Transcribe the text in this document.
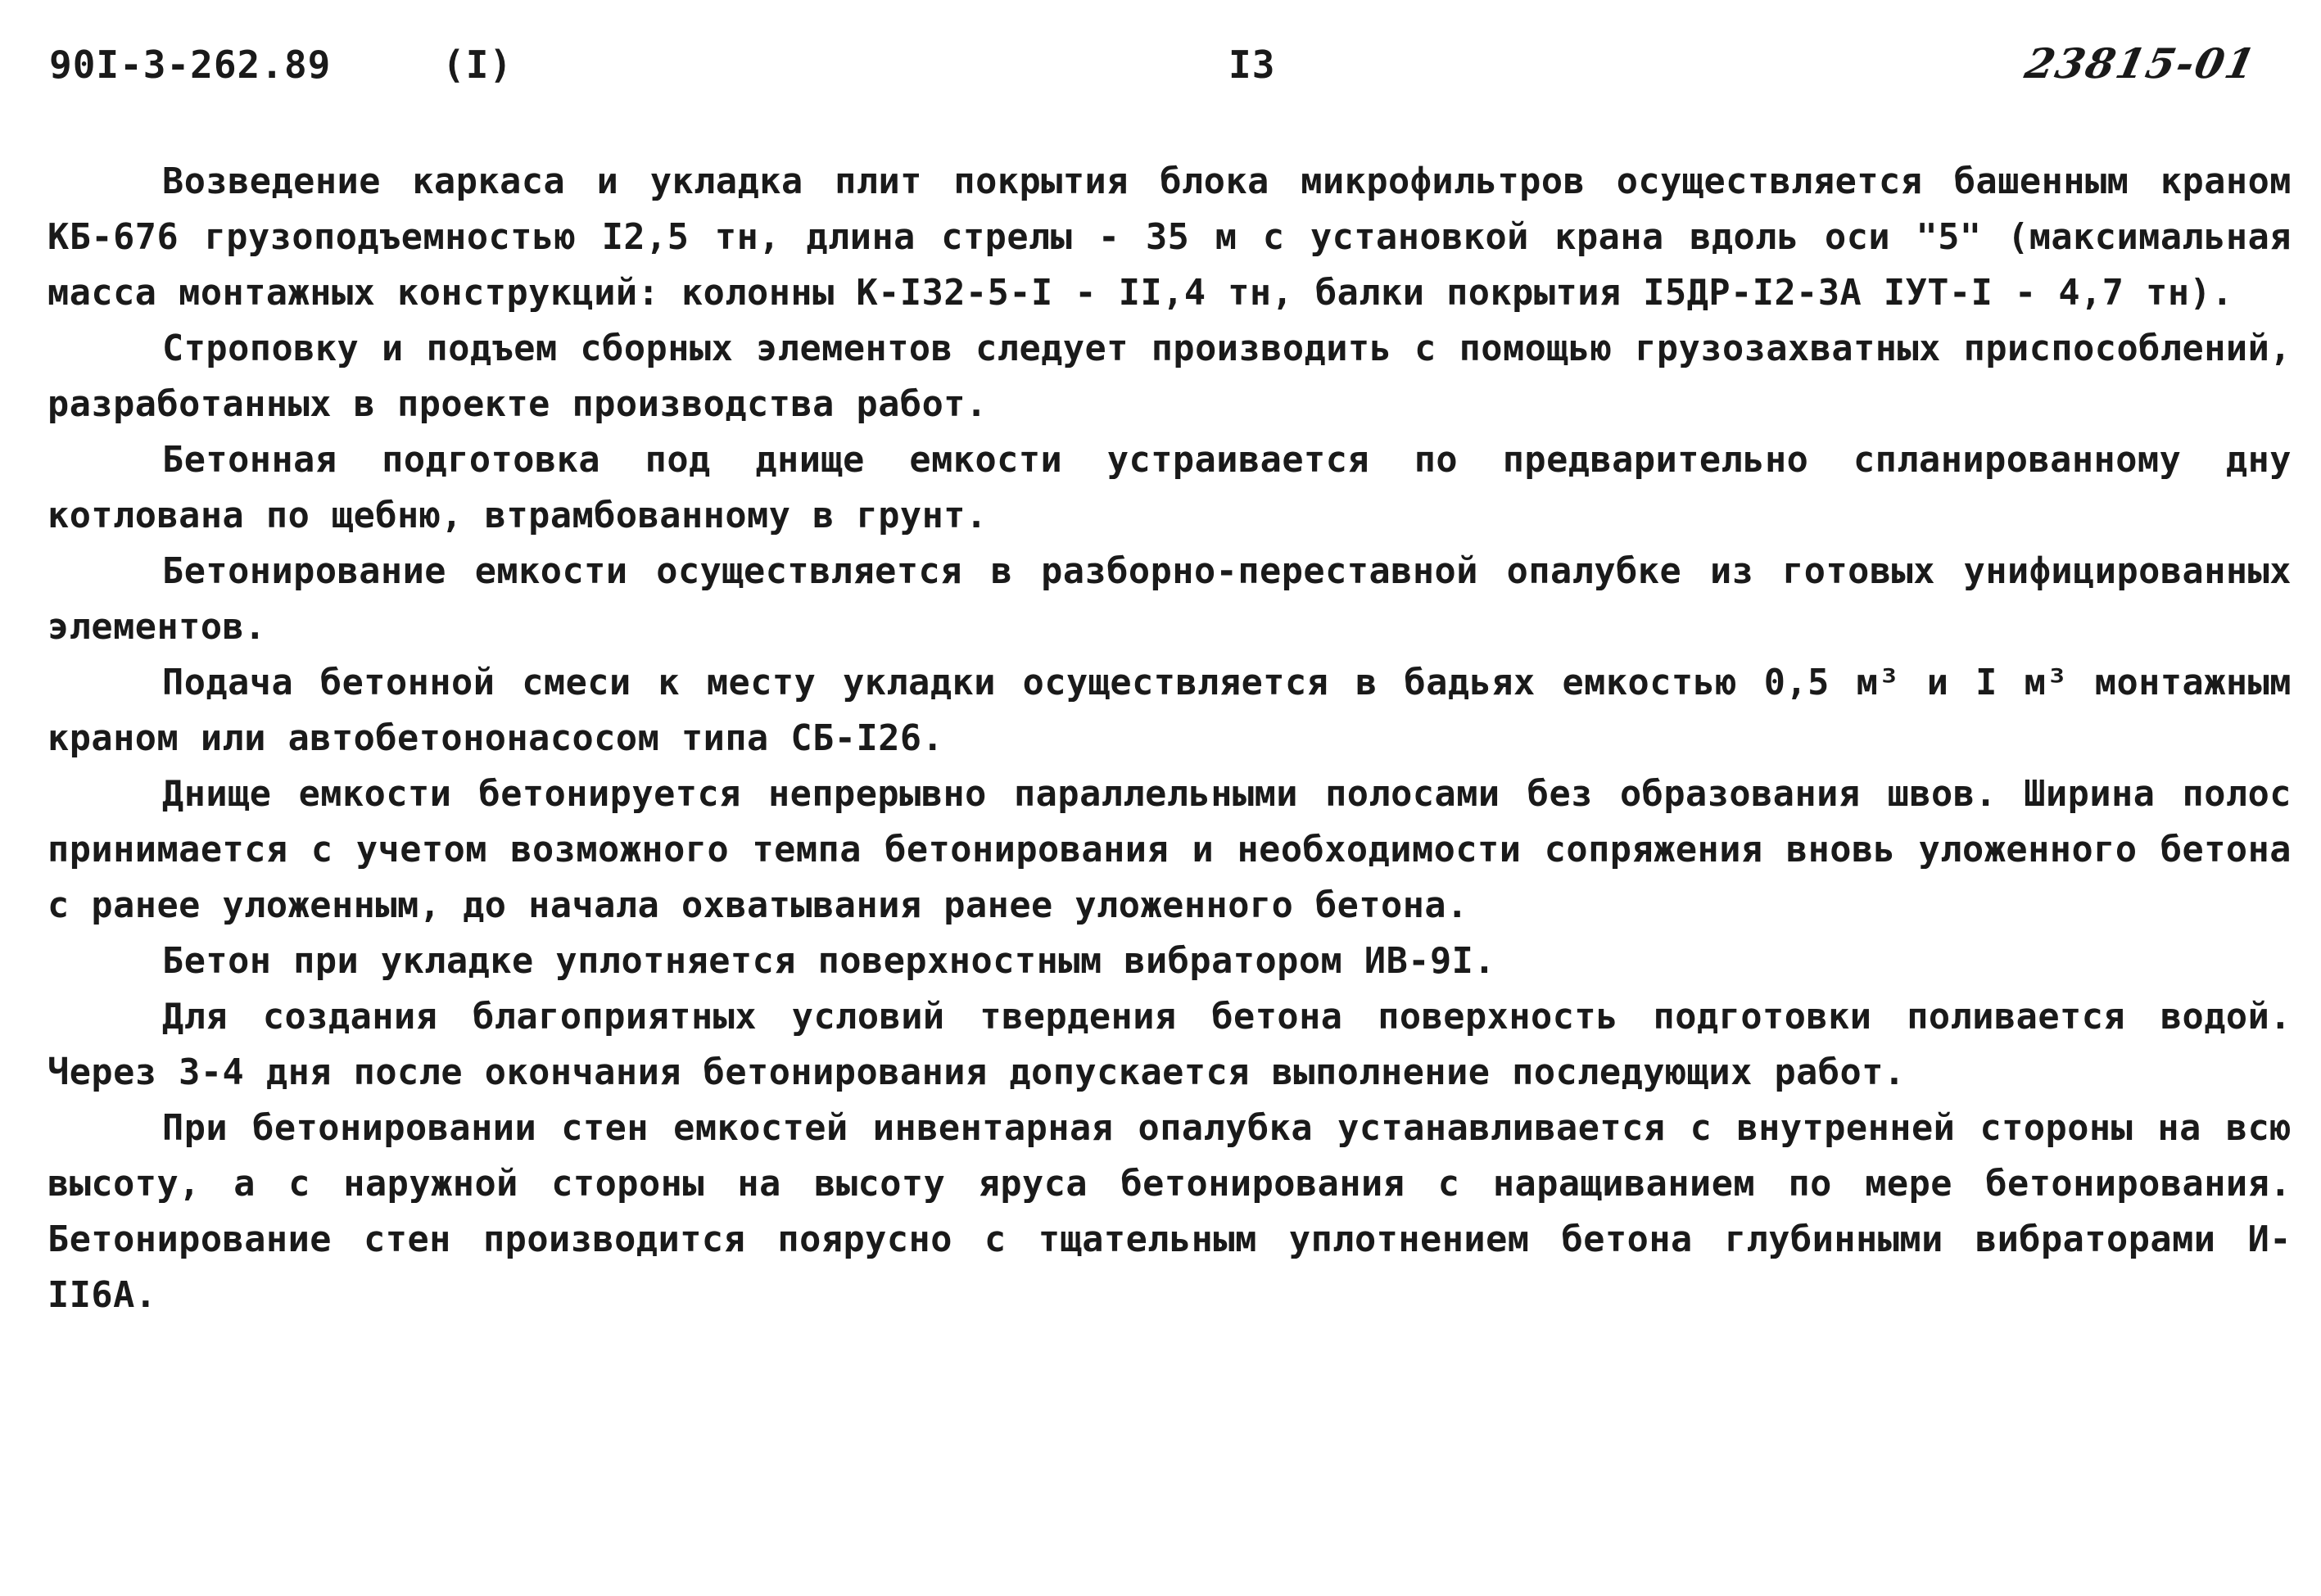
90I-3-262.89	(I)	I3	23815-01

Возведение каркаса и укладка плит покрытия блока микрофильтров осуществляется башенным краном КБ-676 грузоподъемностью I2,5 тн, длина стрелы - 35 м с установкой крана вдоль оси "5" (максимальная масса монтажных конструкций: колонны К-I32-5-I - II,4 тн, балки покрытия I5ДР-I2-3А IУТ-I - 4,7 тн).

Строповку и подъем сборных элементов следует производить с помощью грузозахватных приспособлений, разработанных в проекте производства работ.

Бетонная подготовка под днище емкости устраивается по предварительно спланированному дну котлована по щебню, втрамбованному в грунт.

Бетонирование емкости осуществляется в разборно-переставной опалубке из готовых унифицированных элементов.

Подача бетонной смеси к месту укладки осуществляется в бадьях емкостью 0,5 м³ и I м³ монтажным краном или автобетононасосом типа СБ-I26.

Днище емкости бетонируется непрерывно параллельными полосами без образования швов. Ширина полос принимается с учетом возможного темпа бетонирования и необходимости сопряжения вновь уложенного бетона с ранее уложенным, до начала охватывания ранее уложенного бетона.

Бетон при укладке уплотняется поверхностным вибратором ИВ-9I.

Для создания благоприятных условий твердения бетона поверхность подготовки поливается водой. Через 3-4 дня после окончания бетонирования допускается выполнение последующих работ.

При бетонировании стен емкостей инвентарная опалубка устанавливается с внутренней стороны на всю высоту, а с наружной стороны на высоту яруса бетонирования с наращиванием по мере бетонирования. Бетонирование стен производится поярусно с тщательным уплотнением бетона глубинными вибраторами И-II6А.
